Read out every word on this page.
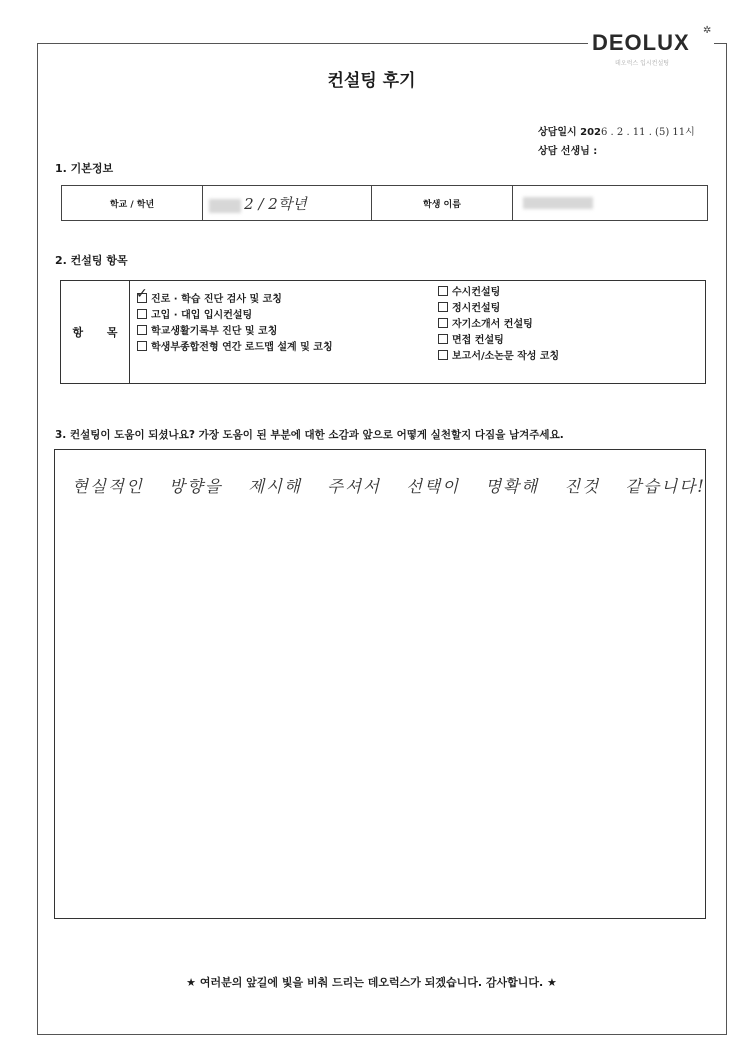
DEOLUX ✲
데오럭스 입시컨설팅
컨설팅 후기
상담일시 2026 . 2 . 11 . (5) 11시
상담 선생님 :
1. 기본정보
학교 / 학년	2 / 2학년	학생 이름	
2. 컨설팅 항목
항 목
✓ 진로 · 학습 진단 검사 및 코칭
고입 · 대입 입시컨설팅
학교생활기록부 진단 및 코칭
학생부종합전형 연간 로드맵 설계 및 코칭
수시컨설팅
정시컨설팅
자기소개서 컨설팅
면접 컨설팅
보고서/소논문 작성 코칭
3. 컨설팅이 도움이 되셨나요? 가장 도움이 된 부분에 대한 소감과 앞으로 어떻게 실천할지 다짐을 남겨주세요.
현실적인 방향을 제시해 주셔서 선택이 명확해 진것 같습니다!
★ 여러분의 앞길에 빛을 비춰 드리는 데오럭스가 되겠습니다. 감사합니다. ★
